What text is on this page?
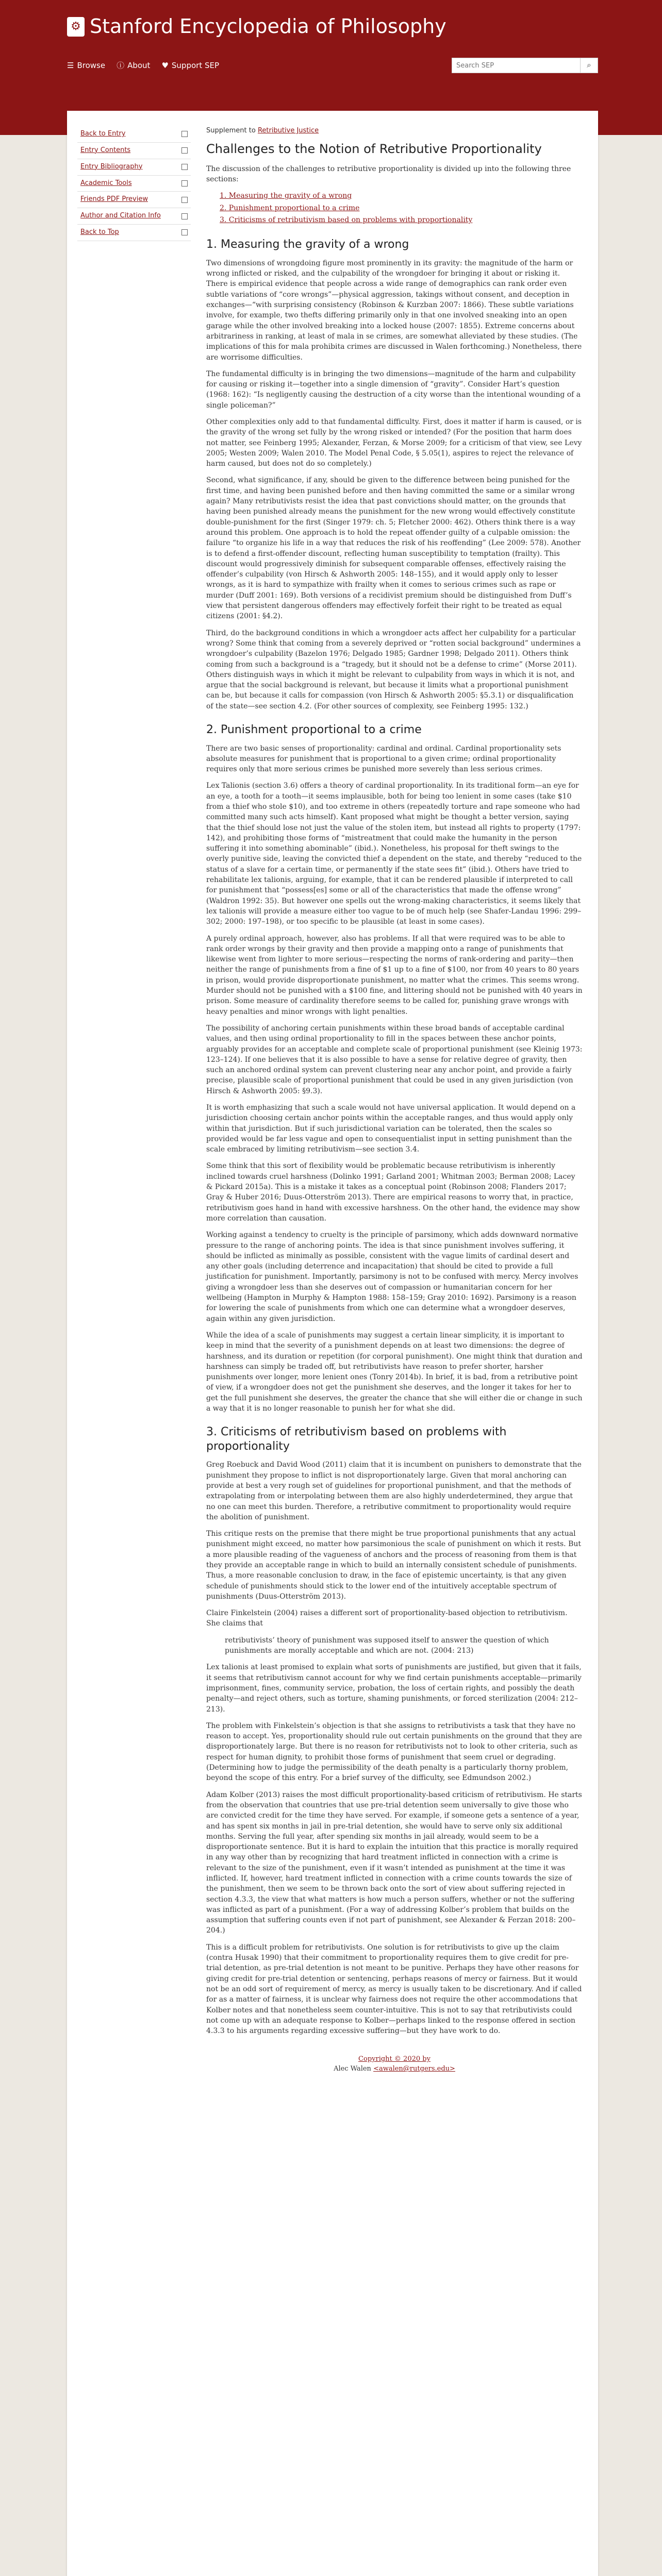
⚙ Stanford Encyclopedia of Philosophy
☰ Browse ⓘ About ♥ Support SEP
Search SEP	⌕
Back to Entry
Entry Contents
Entry Bibliography
Academic Tools
Friends PDF Preview
Author and Citation Info
Back to Top
Supplement to Retributive Justice
Challenges to the Notion of Retributive Proportionality

The discussion of the challenges to retributive proportionality is divided up into the following three sections:

1. Measuring the gravity of a wrong
2. Punishment proportional to a crime
3. Criticisms of retributivism based on problems with proportionality
1. Measuring the gravity of a wrong

Two dimensions of wrongdoing figure most prominently in its gravity: the magnitude of the harm or wrong inflicted or risked, and the culpability of the wrongdoer for bringing it about or risking it. There is empirical evidence that people across a wide range of demographics can rank order even subtle variations of “core wrongs”—physical aggression, takings without consent, and deception in exchanges—“with surprising consistency (Robinson & Kurzban 2007: 1866). These subtle variations involve, for example, two thefts differing primarily only in that one involved sneaking into an open garage while the other involved breaking into a locked house (2007: 1855). Extreme concerns about arbitrariness in ranking, at least of mala in se crimes, are somewhat alleviated by these studies. (The implications of this for mala prohibita crimes are discussed in Walen forthcoming.) Nonetheless, there are worrisome difficulties.

The fundamental difficulty is in bringing the two dimensions—magnitude of the harm and culpability for causing or risking it—together into a single dimension of “gravity”. Consider Hart’s question (1968: 162): “Is negligently causing the destruction of a city worse than the intentional wounding of a single policeman?”

Other complexities only add to that fundamental difficulty. First, does it matter if harm is caused, or is the gravity of the wrong set fully by the wrong risked or intended? (For the position that harm does not matter, see Feinberg 1995; Alexander, Ferzan, & Morse 2009; for a criticism of that view, see Levy 2005; Westen 2009; Walen 2010. The Model Penal Code, § 5.05(1), aspires to reject the relevance of harm caused, but does not do so completely.)

Second, what significance, if any, should be given to the difference between being punished for the first time, and having been punished before and then having committed the same or a similar wrong again? Many retributivists resist the idea that past convictions should matter, on the grounds that having been punished already means the punishment for the new wrong would effectively constitute double-punishment for the first (Singer 1979: ch. 5; Fletcher 2000: 462). Others think there is a way around this problem. One approach is to hold the repeat offender guilty of a culpable omission: the failure “to organize his life in a way that reduces the risk of his reoffending” (Lee 2009: 578). Another is to defend a first-offender discount, reflecting human susceptibility to temptation (frailty). This discount would progressively diminish for subsequent comparable offenses, effectively raising the offender’s culpability (von Hirsch & Ashworth 2005: 148–155), and it would apply only to lesser wrongs, as it is hard to sympathize with frailty when it comes to serious crimes such as rape or murder (Duff 2001: 169). Both versions of a recidivist premium should be distinguished from Duff’s view that persistent dangerous offenders may effectively forfeit their right to be treated as equal citizens (2001: §4.2).

Third, do the background conditions in which a wrongdoer acts affect her culpability for a particular wrong? Some think that coming from a severely deprived or “rotten social background” undermines a wrongdoer’s culpability (Bazelon 1976; Delgado 1985; Gardner 1998; Delgado 2011). Others think coming from such a background is a “tragedy, but it should not be a defense to crime” (Morse 2011). Others distinguish ways in which it might be relevant to culpability from ways in which it is not, and argue that the social background is relevant, but because it limits what a proportional punishment can be, but because it calls for compassion (von Hirsch & Ashworth 2005: §5.3.1) or disqualification of the state—see section 4.2. (For other sources of complexity, see Feinberg 1995: 132.)

2. Punishment proportional to a crime

There are two basic senses of proportionality: cardinal and ordinal. Cardinal proportionality sets absolute measures for punishment that is proportional to a given crime; ordinal proportionality requires only that more serious crimes be punished more severely than less serious crimes.

Lex Talionis (section 3.6) offers a theory of cardinal proportionality. In its traditional form—an eye for an eye, a tooth for a tooth—it seems implausible, both for being too lenient in some cases (take $10 from a thief who stole $10), and too extreme in others (repeatedly torture and rape someone who had committed many such acts himself). Kant proposed what might be thought a better version, saying that the thief should lose not just the value of the stolen item, but instead all rights to property (1797: 142), and prohibiting those forms of “mistreatment that could make the humanity in the person suffering it into something abominable” (ibid.). Nonetheless, his proposal for theft swings to the overly punitive side, leaving the convicted thief a dependent on the state, and thereby “reduced to the status of a slave for a certain time, or permanently if the state sees fit” (ibid.). Others have tried to rehabilitate lex talionis, arguing, for example, that it can be rendered plausible if interpreted to call for punishment that “possess[es] some or all of the characteristics that made the offense wrong” (Waldron 1992: 35). But however one spells out the wrong-making characteristics, it seems likely that lex talionis will provide a measure either too vague to be of much help (see Shafer-Landau 1996: 299–302; 2000: 197–198), or too specific to be plausible (at least in some cases).

A purely ordinal approach, however, also has problems. If all that were required was to be able to rank order wrongs by their gravity and then provide a mapping onto a range of punishments that likewise went from lighter to more serious—respecting the norms of rank-ordering and parity—then neither the range of punishments from a fine of $1 up to a fine of $100, nor from 40 years to 80 years in prison, would provide disproportionate punishment, no matter what the crimes. This seems wrong. Murder should not be punished with a $100 fine, and littering should not be punished with 40 years in prison. Some measure of cardinality therefore seems to be called for, punishing grave wrongs with heavy penalties and minor wrongs with light penalties.

The possibility of anchoring certain punishments within these broad bands of acceptable cardinal values, and then using ordinal proportionality to fill in the spaces between these anchor points, arguably provides for an acceptable and complete scale of proportional punishment (see Kleinig 1973: 123–124). If one believes that it is also possible to have a sense for relative degree of gravity, then such an anchored ordinal system can prevent clustering near any anchor point, and provide a fairly precise, plausible scale of proportional punishment that could be used in any given jurisdiction (von Hirsch & Ashworth 2005: §9.3).

It is worth emphasizing that such a scale would not have universal application. It would depend on a jurisdiction choosing certain anchor points within the acceptable ranges, and thus would apply only within that jurisdiction. But if such jurisdictional variation can be tolerated, then the scales so provided would be far less vague and open to consequentialist input in setting punishment than the scale embraced by limiting retributivism—see section 3.4.

Some think that this sort of flexibility would be problematic because retributivism is inherently inclined towards cruel harshness (Dolinko 1991; Garland 2001; Whitman 2003; Berman 2008; Lacey & Pickard 2015a). This is a mistake it takes as a conceptual point (Robinson 2008; Flanders 2017; Gray & Huber 2016; Duus-Otterström 2013). There are empirical reasons to worry that, in practice, retributivism goes hand in hand with excessive harshness. On the other hand, the evidence may show more correlation than causation.

Working against a tendency to cruelty is the principle of parsimony, which adds downward normative pressure to the range of anchoring points. The idea is that since punishment involves suffering, it should be inflicted as minimally as possible, consistent with the vague limits of cardinal desert and any other goals (including deterrence and incapacitation) that should be cited to provide a full justification for punishment. Importantly, parsimony is not to be confused with mercy. Mercy involves giving a wrongdoer less than she deserves out of compassion or humanitarian concern for her wellbeing (Hampton in Murphy & Hampton 1988: 158–159; Gray 2010: 1692). Parsimony is a reason for lowering the scale of punishments from which one can determine what a wrongdoer deserves, again within any given jurisdiction.

While the idea of a scale of punishments may suggest a certain linear simplicity, it is important to keep in mind that the severity of a punishment depends on at least two dimensions: the degree of harshness, and its duration or repetition (for corporal punishment). One might think that duration and harshness can simply be traded off, but retributivists have reason to prefer shorter, harsher punishments over longer, more lenient ones (Tonry 2014b). In brief, it is bad, from a retributive point of view, if a wrongdoer does not get the punishment she deserves, and the longer it takes for her to get the full punishment she deserves, the greater the chance that she will either die or change in such a way that it is no longer reasonable to punish her for what she did.

3. Criticisms of retributivism based on problems with proportionality

Greg Roebuck and David Wood (2011) claim that it is incumbent on punishers to demonstrate that the punishment they propose to inflict is not disproportionately large. Given that moral anchoring can provide at best a very rough set of guidelines for proportional punishment, and that the methods of extrapolating from or interpolating between them are also highly underdetermined, they argue that no one can meet this burden. Therefore, a retributive commitment to proportionality would require the abolition of punishment.

This critique rests on the premise that there might be true proportional punishments that any actual punishment might exceed, no matter how parsimonious the scale of punishment on which it rests. But a more plausible reading of the vagueness of anchors and the process of reasoning from them is that they provide an acceptable range in which to build an internally consistent schedule of punishments. Thus, a more reasonable conclusion to draw, in the face of epistemic uncertainty, is that any given schedule of punishments should stick to the lower end of the intuitively acceptable spectrum of punishments (Duus-Otterström 2013).

Claire Finkelstein (2004) raises a different sort of proportionality-based objection to retributivism. She claims that

retributivists’ theory of punishment was supposed itself to answer the question of which punishments are morally acceptable and which are not. (2004: 213)

Lex talionis at least promised to explain what sorts of punishments are justified, but given that it fails, it seems that retributivism cannot account for why we find certain punishments acceptable—primarily imprisonment, fines, community service, probation, the loss of certain rights, and possibly the death penalty—and reject others, such as torture, shaming punishments, or forced sterilization (2004: 212–213).

The problem with Finkelstein’s objection is that she assigns to retributivists a task that they have no reason to accept. Yes, proportionality should rule out certain punishments on the ground that they are disproportionately large. But there is no reason for retributivists not to look to other criteria, such as respect for human dignity, to prohibit those forms of punishment that seem cruel or degrading. (Determining how to judge the permissibility of the death penalty is a particularly thorny problem, beyond the scope of this entry. For a brief survey of the difficulty, see Edmundson 2002.)

Adam Kolber (2013) raises the most difficult proportionality-based criticism of retributivism. He starts from the observation that countries that use pre-trial detention seem universally to give those who are convicted credit for the time they have served. For example, if someone gets a sentence of a year, and has spent six months in jail in pre-trial detention, she would have to serve only six additional months. Serving the full year, after spending six months in jail already, would seem to be a disproportionate sentence. But it is hard to explain the intuition that this practice is morally required in any way other than by recognizing that hard treatment inflicted in connection with a crime is relevant to the size of the punishment, even if it wasn’t intended as punishment at the time it was inflicted. If, however, hard treatment inflicted in connection with a crime counts towards the size of the punishment, then we seem to be thrown back onto the sort of view about suffering rejected in section 4.3.3, the view that what matters is how much a person suffers, whether or not the suffering was inflicted as part of a punishment. (For a way of addressing Kolber’s problem that builds on the assumption that suffering counts even if not part of punishment, see Alexander & Ferzan 2018: 200–204.)

This is a difficult problem for retributivists. One solution is for retributivists to give up the claim (contra Husak 1990) that their commitment to proportionality requires them to give credit for pre-trial detention, as pre-trial detention is not meant to be punitive. Perhaps they have other reasons for giving credit for pre-trial detention or sentencing, perhaps reasons of mercy or fairness. But it would not be an odd sort of requirement of mercy, as mercy is usually taken to be discretionary. And if called for as a matter of fairness, it is unclear why fairness does not require the other accommodations that Kolber notes and that nonetheless seem counter-intuitive. This is not to say that retributivists could not come up with an adequate response to Kolber—perhaps linked to the response offered in section 4.3.3 to his arguments regarding excessive suffering—but they have work to do.

Copyright © 2020 by
Alec Walen <awalen@rutgers.edu>
